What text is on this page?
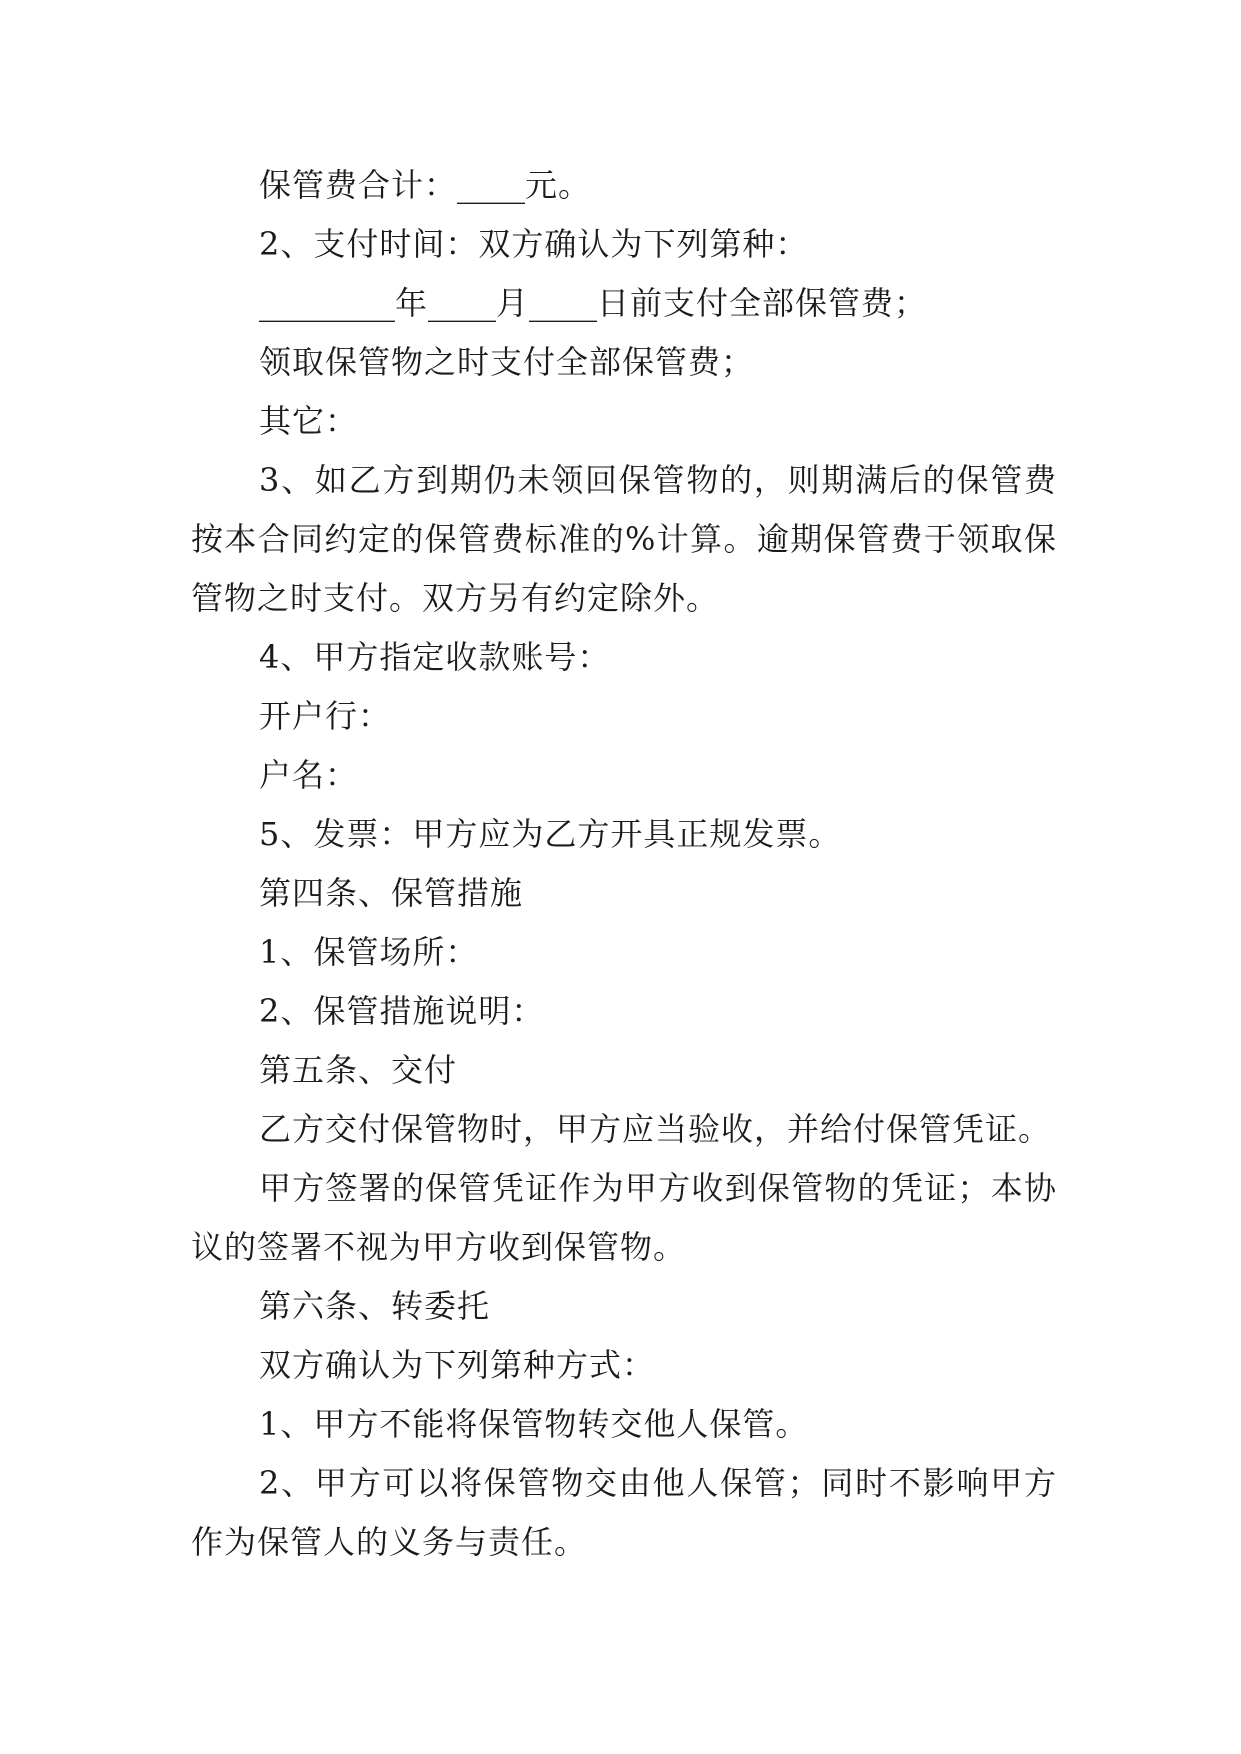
保管费合计：____元。
2、支付时间：双方确认为下列第种：
________年____月____日前支付全部保管费；
领取保管物之时支付全部保管费；
其它：
3、如乙方到期仍未领回保管物的，则期满后的保管费
按本合同约定的保管费标准的%计算。逾期保管费于领取保
管物之时支付。双方另有约定除外。
4、甲方指定收款账号：
开户行：
户名：
5、发票：甲方应为乙方开具正规发票。
第四条、保管措施
1、保管场所：
2、保管措施说明：
第五条、交付
乙方交付保管物时，甲方应当验收，并给付保管凭证。
甲方签署的保管凭证作为甲方收到保管物的凭证；本协
议的签署不视为甲方收到保管物。
第六条、转委托
双方确认为下列第种方式：
1、甲方不能将保管物转交他人保管。
2、甲方可以将保管物交由他人保管；同时不影响甲方
作为保管人的义务与责任。
